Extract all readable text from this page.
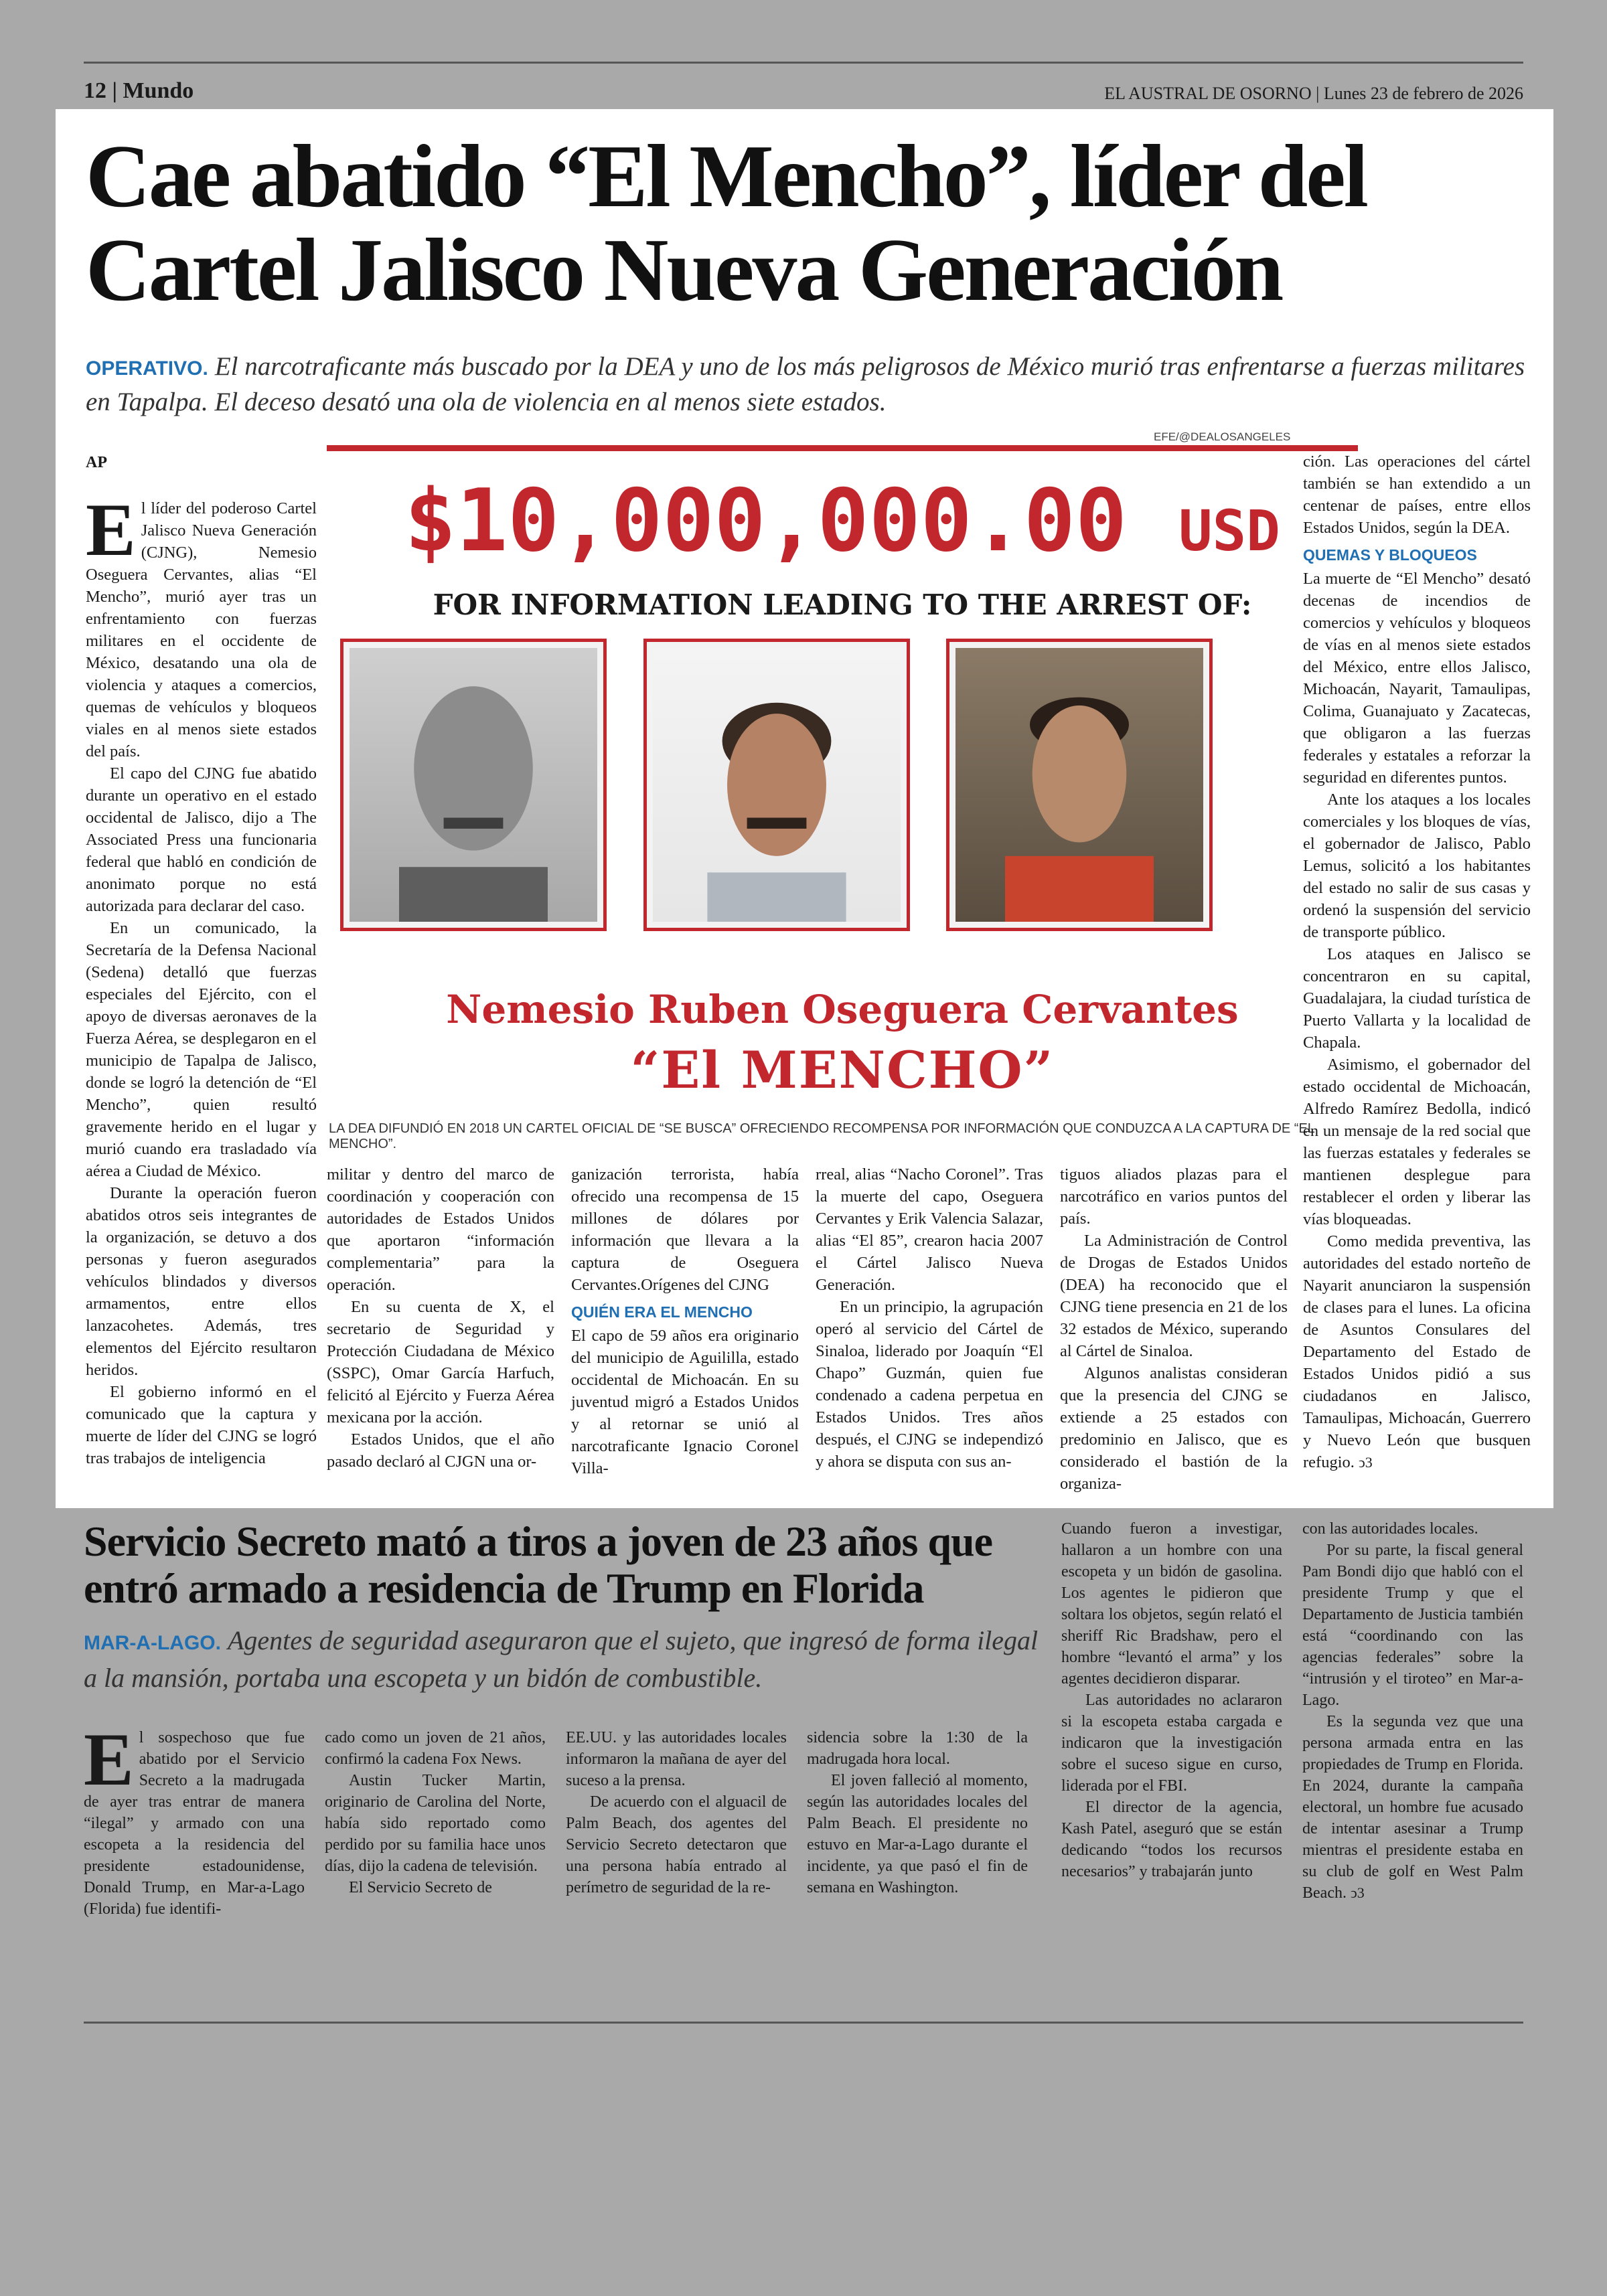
12 | Mundo	EL AUSTRAL DE OSORNO | Lunes 23 de febrero de 2026
Cae abatido “El Mencho”, líder del Cartel Jalisco Nueva Generación

OPERATIVO. El narcotraficante más buscado por la DEA y uno de los más peligrosos de México murió tras enfrentarse a fuerzas militares en Tapalpa. El deceso desató una ola de violencia en al menos siete estados.

AP
EFE/@DEALOSANGELES
$10,000,000.00 USD
FOR INFORMATION LEADING TO THE ARREST OF:
Nemesio Ruben Oseguera Cervantes
“El MENCHO”
LA DEA DIFUNDIÓ EN 2018 UN CARTEL OFICIAL DE “SE BUSCA” OFRECIENDO RECOMPENSA POR INFORMACIÓN QUE CONDUZCA A LA CAPTURA DE “EL MENCHO”.

El líder del poderoso Cartel Jalisco Nueva Generación (CJNG), Nemesio Oseguera Cervantes, alias “El Mencho”, murió ayer tras un enfrentamiento con fuerzas militares en el occidente de México, desatando una ola de violencia y ataques a comercios, quemas de vehículos y bloqueos viales en al menos siete estados del país.

El capo del CJNG fue abatido durante un operativo en el estado occidental de Jalisco, dijo a The Associated Press una funcionaria federal que habló en condición de anonimato porque no está autorizada para declarar del caso.

En un comunicado, la Secretaría de la Defensa Nacional (Sedena) detalló que fuerzas especiales del Ejército, con el apoyo de diversas aeronaves de la Fuerza Aérea, se desplegaron en el municipio de Tapalpa de Jalisco, donde se logró la detención de “El Mencho”, quien resultó gravemente herido en el lugar y murió cuando era trasladado vía aérea a Ciudad de México.

Durante la operación fueron abatidos otros seis integrantes de la organización, se detuvo a dos personas y fueron asegurados vehículos blindados y diversos armamentos, entre ellos lanzacohetes. Además, tres elementos del Ejército resultaron heridos.

El gobierno informó en el comunicado que la captura y muerte de líder del CJNG se logró tras trabajos de inteligencia

militar y dentro del marco de coordinación y cooperación con autoridades de Estados Unidos que aportaron “información complementaria” para la operación.

En su cuenta de X, el secretario de Seguridad y Protección Ciudadana de México (SSPC), Omar García Harfuch, felicitó al Ejército y Fuerza Aérea mexicana por la acción.

Estados Unidos, que el año pasado declaró al CJGN una or-

ganización terrorista, había ofrecido una recompensa de 15 millones de dólares por información que llevara a la captura de Oseguera Cervantes.Orígenes del CJNG

QUIÉN ERA EL MENCHO

El capo de 59 años era originario del municipio de Aguililla, estado occidental de Michoacán. En su juventud migró a Estados Unidos y al retornar se unió al narcotraficante Ignacio Coronel Villa-

rreal, alias “Nacho Coronel”. Tras la muerte del capo, Oseguera Cervantes y Erik Valencia Salazar, alias “El 85”, crearon hacia 2007 el Cártel Jalisco Nueva Generación.

En un principio, la agrupación operó al servicio del Cártel de Sinaloa, liderado por Joaquín “El Chapo” Guzmán, quien fue condenado a cadena perpetua en Estados Unidos. Tres años después, el CJNG se independizó y ahora se disputa con sus an-

tiguos aliados plazas para el narcotráfico en varios puntos del país.

La Administración de Control de Drogas de Estados Unidos (DEA) ha reconocido que el CJNG tiene presencia en 21 de los 32 estados de México, superando al Cártel de Sinaloa.

Algunos analistas consideran que la presencia del CJNG se extiende a 25 estados con predominio en Jalisco, que es considerado el bastión de la organiza-

ción. Las operaciones del cártel también se han extendido a un centenar de países, entre ellos Estados Unidos, según la DEA.

QUEMAS Y BLOQUEOS

La muerte de “El Mencho” desató decenas de incendios de comercios y vehículos y bloqueos de vías en al menos siete estados del México, entre ellos Jalisco, Michoacán, Nayarit, Tamaulipas, Colima, Guanajuato y Zacatecas, que obligaron a las fuerzas federales y estatales a reforzar la seguridad en diferentes puntos.

Ante los ataques a los locales comerciales y los bloques de vías, el gobernador de Jalisco, Pablo Lemus, solicitó a los habitantes del estado no salir de sus casas y ordenó la suspensión del servicio de transporte público.

Los ataques en Jalisco se concentraron en su capital, Guadalajara, la ciudad turística de Puerto Vallarta y la localidad de Chapala.

Asimismo, el gobernador del estado occidental de Michoacán, Alfredo Ramírez Bedolla, indicó en un mensaje de la red social que las fuerzas estatales y federales se mantienen desplegue para restablecer el orden y liberar las vías bloqueadas.

Como medida preventiva, las autoridades del estado norteño de Nayarit anunciaron la suspensión de clases para el lunes. La oficina de Asuntos Consulares del Departamento del Estado de Estados Unidos pidió a sus ciudadanos en Jalisco, Tamaulipas, Michoacán, Guerrero y Nuevo León que busquen refugio. ↄ3

Servicio Secreto mató a tiros a joven de 23 años que entró armado a residencia de Trump en Florida

MAR-A-LAGO. Agentes de seguridad aseguraron que el sujeto, que ingresó de forma ilegal a la mansión, portaba una escopeta y un bidón de combustible.

El sospechoso que fue abatido por el Servicio Secreto a la madrugada de ayer tras entrar de manera “ilegal” y armado con una escopeta a la residencia del presidente estadounidense, Donald Trump, en Mar-a-Lago (Florida) fue identifi-

cado como un joven de 21 años, confirmó la cadena Fox News.

Austin Tucker Martin, originario de Carolina del Norte, había sido reportado como perdido por su familia hace unos días, dijo la cadena de televisión.

El Servicio Secreto de

EE.UU. y las autoridades locales informaron la mañana de ayer del suceso a la prensa.

De acuerdo con el alguacil de Palm Beach, dos agentes del Servicio Secreto detectaron que una persona había entrado al perímetro de seguridad de la re-

sidencia sobre la 1:30 de la madrugada hora local.

El joven falleció al momento, según las autoridades locales del Palm Beach. El presidente no estuvo en Mar-a-Lago durante el incidente, ya que pasó el fin de semana en Washington.

Cuando fueron a investigar, hallaron a un hombre con una escopeta y un bidón de gasolina. Los agentes le pidieron que soltara los objetos, según relató el sheriff Ric Bradshaw, pero el hombre “levantó el arma” y los agentes decidieron disparar.

Las autoridades no aclararon si la escopeta estaba cargada e indicaron que la investigación sobre el suceso sigue en curso, liderada por el FBI.

El director de la agencia, Kash Patel, aseguró que se están dedicando “todos los recursos necesarios” y trabajarán junto

con las autoridades locales.

Por su parte, la fiscal general Pam Bondi dijo que habló con el presidente Trump y que el Departamento de Justicia también está “coordinando con las agencias federales” sobre la “intrusión y el tiroteo” en Mar-a-Lago.

Es la segunda vez que una persona armada entra en las propiedades de Trump en Florida. En 2024, durante la campaña electoral, un hombre fue acusado de intentar asesinar a Trump mientras el presidente estaba en su club de golf en West Palm Beach. ↄ3
